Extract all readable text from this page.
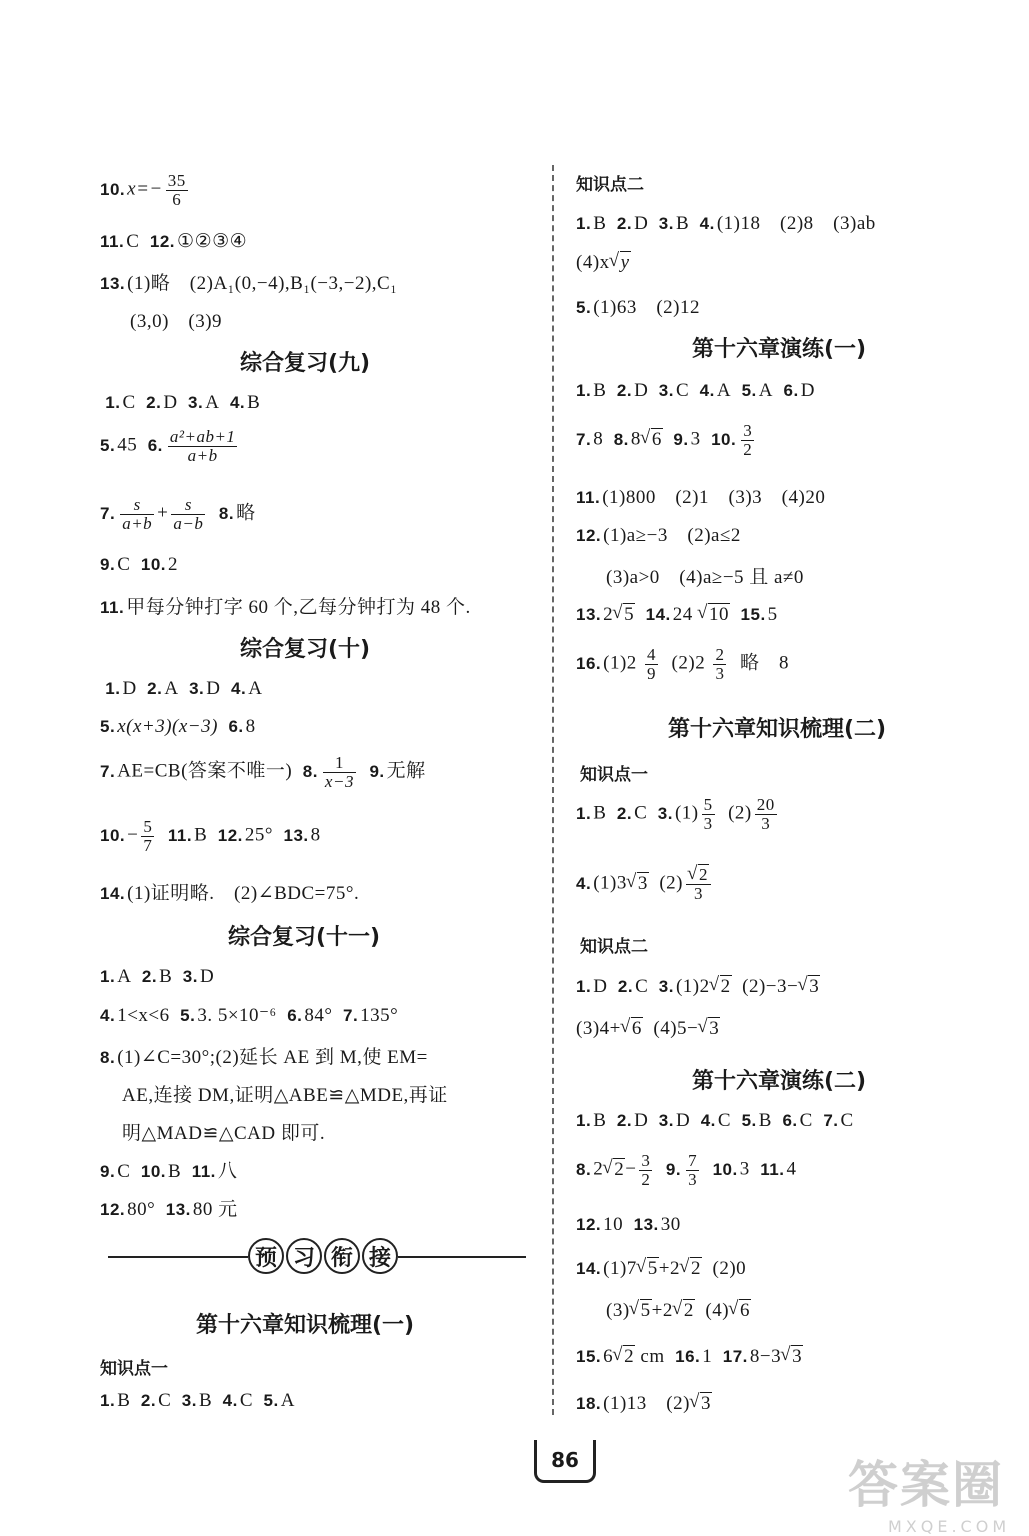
10. $x=- \frac{35}{6}$
11. C 12. ①②③④
13. (1)略　(2)A₁(0,−4),B₁(−3,−2),C₁
(3,0)　(3)9
综合复习(九)
1. C 2. D 3. A 4. B
5. 45 6. $\frac{\text{a²+ab+1}}{a+b}$
7. $\frac{s}{a+b} + \frac{s}{a-b} 8$. 略
9. C 10. 2
11. 甲每分钟打字 60 个,乙每分钟打为 48 个.
综合复习(十)
1. D 2. A 3. D 4. A
5. x(x+3)(x−3) 6. 8
7. AE=CB(答案不唯一) 8. $\frac{1}{x-3} 9$. 无解
10. − $\frac{5}{7} 11$. B 12. 25° 13. 8
14. (1)证明略.　(2)∠BDC=75°.
综合复习(十一)
1. A 2. B 3. D
4. 1<x<6 5. 3. 5×10⁻⁶ 6. 84° 7. 135°
8. (1)∠C=30°;(2)延长 AE 到 M,使 EM=
AE,连接 DM,证明△ABE≌△MDE,再证
明△MAD≌△CAD 即可.
9. C 10. B 11. 八
12. 80° 13. 80 元
预 习 衔 接
第十六章知识梳理(一)
知识点一
1. B 2. C 3. B 4. C 5. A
知识点二
1. B 2. D 3. B 4. (1)18　(2)8　(3)ab
(4)x √ y
5. (1)63　(2)12
第十六章演练(一)
1. B 2. D 3. C 4. A 5. A 6. D
7. 8 8. 8 √ 6 9. 3 10. $\frac{3}{2}$
11. (1)800　(2)1　(3)3　(4)20
12. (1)a≥−3　(2)a≤2
(3)a>0　(4)a≥−5 且 a≠0
13. 2 √ 5 14. 24 √ 10 15. 5
16. $(1)2 \frac{4}{9} (2)2 \frac{2}{3}$ 略　8
第十六章知识梳理(二)
知识点一
1. B 2. C 3. $(1) \frac{5}{3} (2) \frac{20}{3}$
4. (1)3 √ 3 (2) √ $\frac{2}{3}$
知识点二
1. D 2. C 3. (1)2 √ 2 (2)−3− √ 3
(3)4+ √ 6 (4)5− √ 3
第十六章演练(二)
1. B 2. D 3. D 4. C 5. B 6. C 7. C
8. 2 √ $2- \frac{3}{2} 9$. $\frac{7}{3} 10$. 3 11. 4
12. 10 13. 30
14. (1)7 √ 5+2 √ 2 (2)0
(3) √ 5+2 √ 2 (4) √ 6
15. 6 √ 2 cm 16. 1 17. 8−3 √ 3
18. (1)13　(2) √ 3
86	答案圈
MXQE.COM
